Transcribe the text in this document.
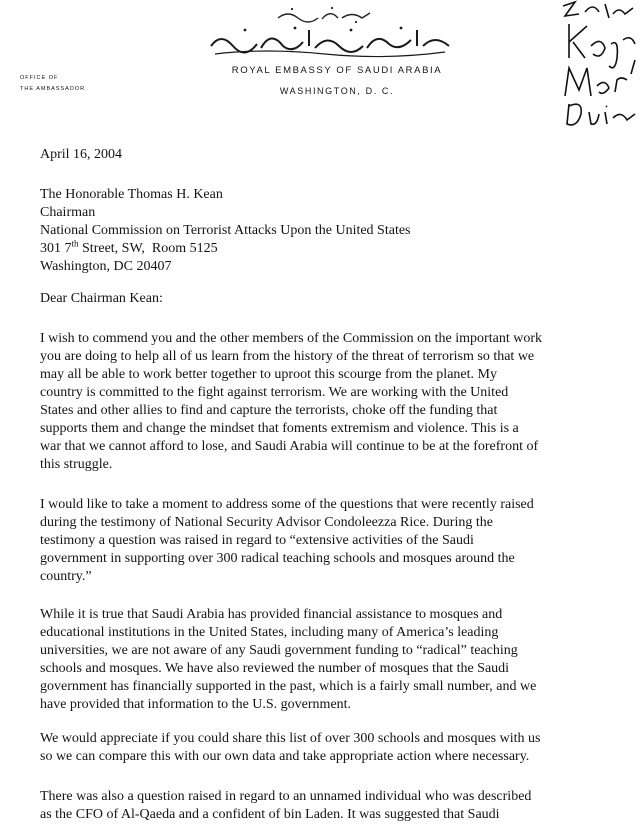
ROYAL EMBASSY OF SAUDI ARABIA
WASHINGTON, D. C.
OFFICE OF
THE AMBASSADOR
April 16, 2004
The Honorable Thomas H. Kean
Chairman
National Commission on Terrorist Attacks Upon the United States
301 7th Street, SW,  Room 5125
Washington, DC 20407
Dear Chairman Kean:
I wish to commend you and the other members of the Commission on the important work
you are doing to help all of us learn from the history of the threat of terrorism so that we
may all be able to work better together to uproot this scourge from the planet. My
country is committed to the fight against terrorism. We are working with the United
States and other allies to find and capture the terrorists, choke off the funding that
supports them and change the mindset that foments extremism and violence. This is a
war that we cannot afford to lose, and Saudi Arabia will continue to be at the forefront of
this struggle.
I would like to take a moment to address some of the questions that were recently raised
during the testimony of National Security Advisor Condoleezza Rice. During the
testimony a question was raised in regard to “extensive activities of the Saudi
government in supporting over 300 radical teaching schools and mosques around the
country.”
While it is true that Saudi Arabia has provided financial assistance to mosques and
educational institutions in the United States, including many of America’s leading
universities, we are not aware of any Saudi government funding to “radical” teaching
schools and mosques. We have also reviewed the number of mosques that the Saudi
government has financially supported in the past, which is a fairly small number, and we
have provided that information to the U.S. government.
We would appreciate if you could share this list of over 300 schools and mosques with us
so we can compare this with our own data and take appropriate action where necessary.
There was also a question raised in regard to an unnamed individual who was described
as the CFO of Al-Qaeda and a confident of bin Laden. It was suggested that Saudi
